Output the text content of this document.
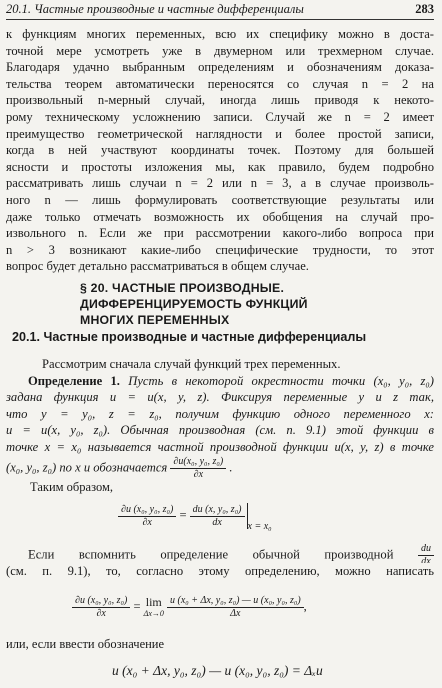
20.1. Частные производные и частные дифференциалы	283
к функциям многих переменных, всю их специфику можно в доста-
точной мере усмотреть уже в двумерном или трехмерном случае.
Благодаря удачно выбранным определениям и обозначениям доказа-
тельства теорем автоматически переносятся со случая n = 2 на
произвольный n-мерный случай, иногда лишь приводя к некото-
рому техническому усложнению записи. Случай же n = 2 имеет
преимущество геометрической наглядности и более простой записи,
когда в ней участвуют координаты точек. Поэтому для большей
ясности и простоты изложения мы, как правило, будем подробно
рассматривать лишь случаи n = 2 или n = 3, а в случае произволь-
ного n — лишь формулировать соответствующие результаты или
даже только отмечать возможность их обобщения на случай про-
извольного n. Если же при рассмотрении какого-либо вопроса при
n > 3 возникают какие-либо специфические трудности, то этот
вопрос будет детально рассматриваться в общем случае.
§ 20. ЧАСТНЫЕ ПРОИЗВОДНЫЕ.
ДИФФЕРЕНЦИРУЕМОСТЬ ФУНКЦИЙ
МНОГИХ ПЕРЕМЕННЫХ
20.1. Частные производные и частные дифференциалы
Рассмотрим сначала случай функций трех переменных.
Определение 1. Пусть в некоторой окрестности точки (x₀, y₀, z₀)
задана функция u = u(x, y, z). Фиксируя переменные y и z так,
что y = y₀, z = z₀, получим функцию одного переменного x:
u = u(x, y₀, z₀). Обычная производная (см. п. 9.1) этой функции в
точке x = x₀ называется частной производной функции u(x, y, z) в точке
(x₀, y₀, z₀) по x и обозначается $\frac{\text{∂u(x₀, y₀, z₀)}}{\partial x}$ .
Таким образом,
$\frac{\text{∂u (x₀, y₀, z₀)}}{\partial x} = \frac{\text{du (x, y₀, z₀)}}{dx} _{x = x_0}$
Если вспомнить определение обычной производной $\frac{du}{dx}$
(см. п. 9.1), то, согласно этому определению, можно написать
$\frac{\text{∂u (x₀, y₀, z₀)}}{\partial x} = \lim$
Δx→0
$\frac{\text{u (x₀ + Δx, y₀, z₀) — u (x₀, y₀, z₀)}}{\Delta x}$ ,
или, если ввести обозначение
u (x₀ + Δx, y₀, z₀) — u (x₀, y₀, z₀) = Δₓu
